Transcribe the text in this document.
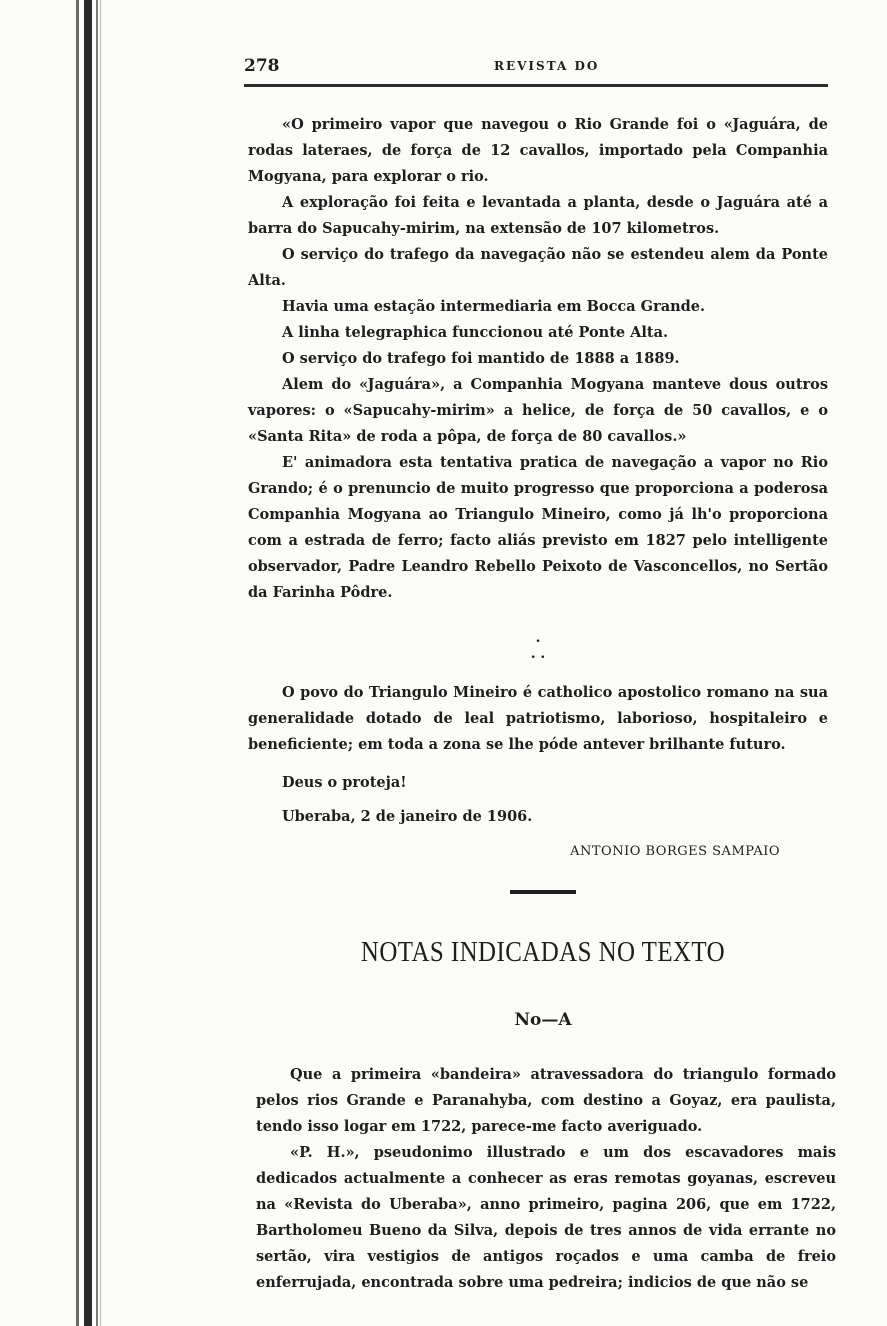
278	REVISTA DO

«O primeiro vapor que navegou o Rio Grande foi o «Jaguára, de rodas lateraes, de força de 12 cavallos, importado pela Companhia Mogyana, para explorar o rio.

A exploração foi feita e levantada a planta, desde o Jaguára até a barra do Sapucahy-mirim, na extensão de 107 kilometros.

O serviço do trafego da navegação não se estendeu alem da Ponte Alta.

Havia uma estação intermediaria em Bocca Grande.

A linha telegraphica funccionou até Ponte Alta.

O serviço do trafego foi mantido de 1888 a 1889.

Alem do «Jaguára», a Companhia Mogyana manteve dous outros vapores: o «Sapucahy-mirim» a helice, de força de 50 cavallos, e o «Santa Rita» de roda a pôpa, de força de 80 cavallos.»

E' animadora esta tentativa pratica de navegação a vapor no Rio Grando; é o prenuncio de muito progresso que proporciona a poderosa Companhia Mogyana ao Triangulo Mineiro, como já lh'o proporciona com a estrada de ferro; facto aliás previsto em 1827 pelo intelligente observador, Padre Leandro Rebello Peixoto de Vasconcellos, no Sertão da Farinha Pôdre.

.
. .

O povo do Triangulo Mineiro é catholico apostolico romano na sua generalidade dotado de leal patriotismo, laborioso, hospitaleiro e beneficiente; em toda a zona se lhe póde antever brilhante futuro.

Deus o proteja!

Uberaba, 2 de janeiro de 1906.

ANTONIO BORGES SAMPAIO
NOTAS INDICADAS NO TEXTO
No—A

Que a primeira «bandeira» atravessadora do triangulo formado pelos rios Grande e Paranahyba, com destino a Goyaz, era paulista, tendo isso logar em 1722, parece-me facto averiguado.

«P. H.», pseudonimo illustrado e um dos escavadores mais dedicados actualmente a conhecer as eras remotas goyanas, escreveu na «Revista do Uberaba», anno primeiro, pagina 206, que em 1722, Bartholomeu Bueno da Silva, depois de tres annos de vida errante no sertão, vira vestigios de antigos roçados e uma camba de freio enferrujada, encontrada sobre uma pedreira; indicios de que não se
